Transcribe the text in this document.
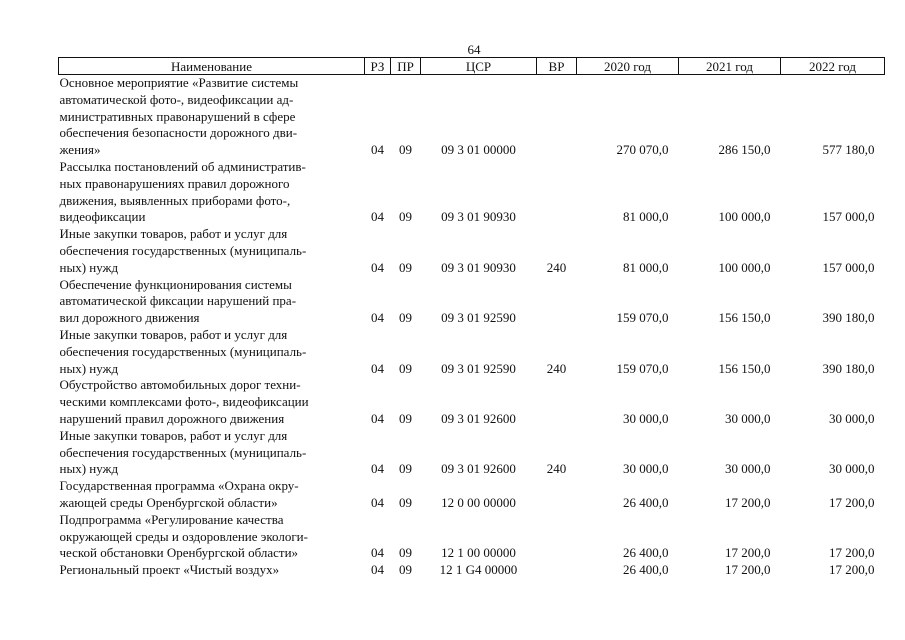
64
Наименование	РЗ	ПР	ЦСР	ВР	2020 год	2021 год	2022 год
Основное мероприятие «Развитие системы
автоматической фото-, видеофиксации ад-
министративных правонарушений в сфере
обеспечения безопасности дорожного дви-
жения»	04	09	09 3 01 00000		270 070,0	286 150,0	577 180,0
Рассылка постановлений об административ-
ных правонарушениях правил дорожного
движения, выявленных приборами фото-,
видеофиксации	04	09	09 3 01 90930		81 000,0	100 000,0	157 000,0
Иные закупки товаров, работ и услуг для
обеспечения государственных (муниципаль-
ных) нужд	04	09	09 3 01 90930	240	81 000,0	100 000,0	157 000,0
Обеспечение функционирования системы
автоматической фиксации нарушений пра-
вил дорожного движения	04	09	09 3 01 92590		159 070,0	156 150,0	390 180,0
Иные закупки товаров, работ и услуг для
обеспечения государственных (муниципаль-
ных) нужд	04	09	09 3 01 92590	240	159 070,0	156 150,0	390 180,0
Обустройство автомобильных дорог техни-
ческими комплексами фото-, видеофиксации
нарушений правил дорожного движения	04	09	09 3 01 92600		30 000,0	30 000,0	30 000,0
Иные закупки товаров, работ и услуг для
обеспечения государственных (муниципаль-
ных) нужд	04	09	09 3 01 92600	240	30 000,0	30 000,0	30 000,0
Государственная программа «Охрана окру-
жающей среды Оренбургской области»	04	09	12 0 00 00000		26 400,0	17 200,0	17 200,0
Подпрограмма «Регулирование качества
окружающей среды и оздоровление экологи-
ческой обстановки Оренбургской области»	04	09	12 1 00 00000		26 400,0	17 200,0	17 200,0
Региональный проект «Чистый воздух»	04	09	12 1 G4 00000		26 400,0	17 200,0	17 200,0
